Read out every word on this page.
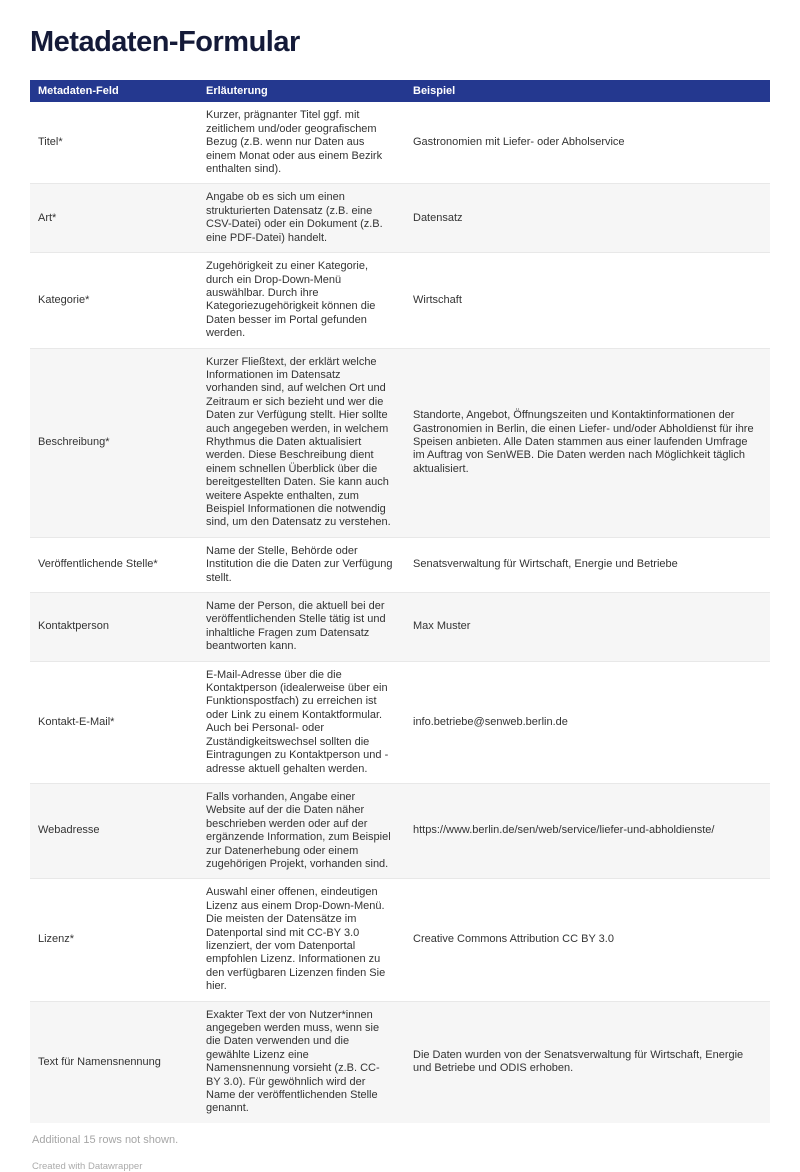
Metadaten-Formular
Metadaten-Feld	Erläuterung	Beispiel
Titel*	Kurzer, prägnanter Titel ggf. mit zeitlichem und/oder geografischem Bezug (z.B. wenn nur Daten aus einem Monat oder aus einem Bezirk enthalten sind).	Gastronomien mit Liefer- oder Abholservice
Art*	Angabe ob es sich um einen strukturierten Datensatz (z.B. eine CSV-Datei) oder ein Dokument (z.B. eine PDF-Datei) handelt.	Datensatz
Kategorie*	Zugehörigkeit zu einer Kategorie, durch ein Drop-Down-Menü auswählbar. Durch ihre Kategoriezugehörigkeit können die Daten besser im Portal gefunden werden.	Wirtschaft
Beschreibung*	Kurzer Fließtext, der erklärt welche Informationen im Datensatz vorhanden sind, auf welchen Ort und Zeitraum er sich bezieht und wer die Daten zur Verfügung stellt. Hier sollte auch angegeben werden, in welchem Rhythmus die Daten aktualisiert werden. Diese Beschreibung dient einem schnellen Überblick über die bereitgestellten Daten. Sie kann auch weitere Aspekte enthalten, zum Beispiel Informationen die notwendig sind, um den Datensatz zu verstehen.	Standorte, Angebot, Öffnungszeiten und Kontaktinformationen der Gastronomien in Berlin, die einen Liefer- und/oder Abholdienst für ihre Speisen anbieten. Alle Daten stammen aus einer laufenden Umfrage im Auftrag von SenWEB. Die Daten werden nach Möglichkeit täglich aktualisiert.
Veröffentlichende Stelle*	Name der Stelle, Behörde oder Institution die die Daten zur Verfügung stellt.	Senatsverwaltung für Wirtschaft, Energie und Betriebe
Kontaktperson	Name der Person, die aktuell bei der veröffentlichenden Stelle tätig ist und inhaltliche Fragen zum Datensatz beantworten kann.	Max Muster
Kontakt-E-Mail*	E-Mail-Adresse über die die Kontaktperson (idealerweise über ein Funktionspostfach) zu erreichen ist oder Link zu einem Kontaktformular. Auch bei Personal- oder Zuständigkeitswechsel sollten die Eintragungen zu Kontaktperson und -adresse aktuell gehalten werden.	info.betriebe@senweb.berlin.de
Webadresse	Falls vorhanden, Angabe einer Website auf der die Daten näher beschrieben werden oder auf der ergänzende Information, zum Beispiel zur Datenerhebung oder einem zugehörigen Projekt, vorhanden sind.	https://www.berlin.de/sen/web/service/liefer-und-abholdienste/
Lizenz*	Auswahl einer offenen, eindeutigen Lizenz aus einem Drop-Down-Menü. Die meisten der Datensätze im Datenportal sind mit CC-BY 3.0 lizenziert, der vom Datenportal empfohlen Lizenz. Informationen zu den verfügbaren Lizenzen finden Sie hier.	Creative Commons Attribution CC BY 3.0
Text für Namensnennung	Exakter Text der von Nutzer*innen angegeben werden muss, wenn sie die Daten verwenden und die gewählte Lizenz eine Namensnennung vorsieht (z.B. CC-BY 3.0). Für gewöhnlich wird der Name der veröffentlichenden Stelle genannt.	Die Daten wurden von der Senatsverwaltung für Wirtschaft, Energie und Betriebe und ODIS erhoben.

Additional 15 rows not shown.

Created with Datawrapper
